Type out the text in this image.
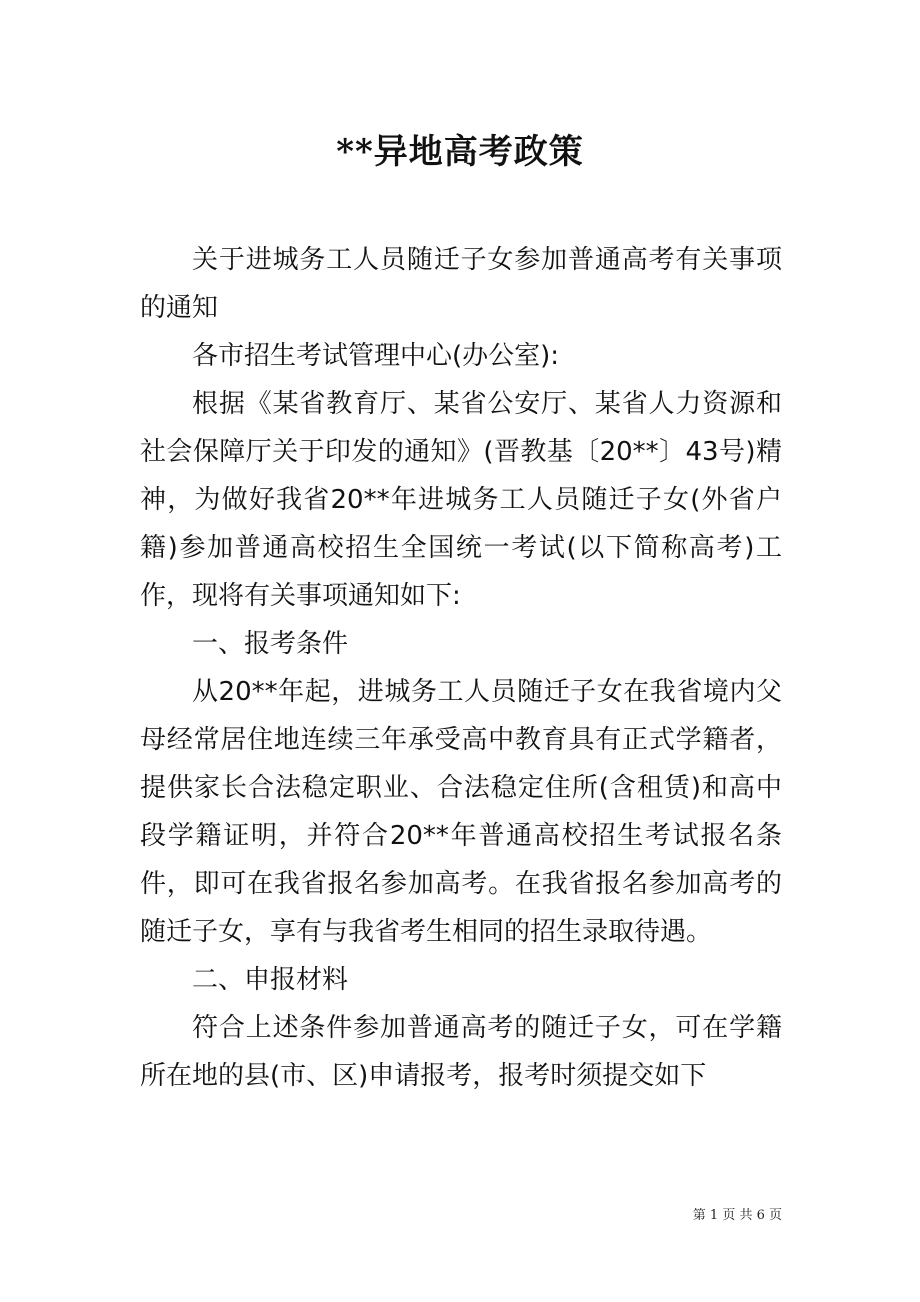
**异地高考政策

关于进城务工人员随迁子女参加普通高考有关事项的通知

各市招生考试管理中心(办公室):

根据《某省教育厅、某省公安厅、某省人力资源和社会保障厅关于印发的通知》(晋教基〔20**〕43号)精神，为做好我省20**年进城务工人员随迁子女(外省户籍)参加普通高校招生全国统一考试(以下简称高考)工作，现将有关事项通知如下:

一、报考条件

从20**年起，进城务工人员随迁子女在我省境内父母经常居住地连续三年承受高中教育具有正式学籍者，提供家长合法稳定职业、合法稳定住所(含租赁)和高中段学籍证明，并符合20**年普通高校招生考试报名条件，即可在我省报名参加高考。在我省报名参加高考的随迁子女，享有与我省考生相同的招生录取待遇。

二、申报材料

符合上述条件参加普通高考的随迁子女，可在学籍所在地的县(市、区)申请报考，报考时须提交如下

第 1 页 共 6 页
